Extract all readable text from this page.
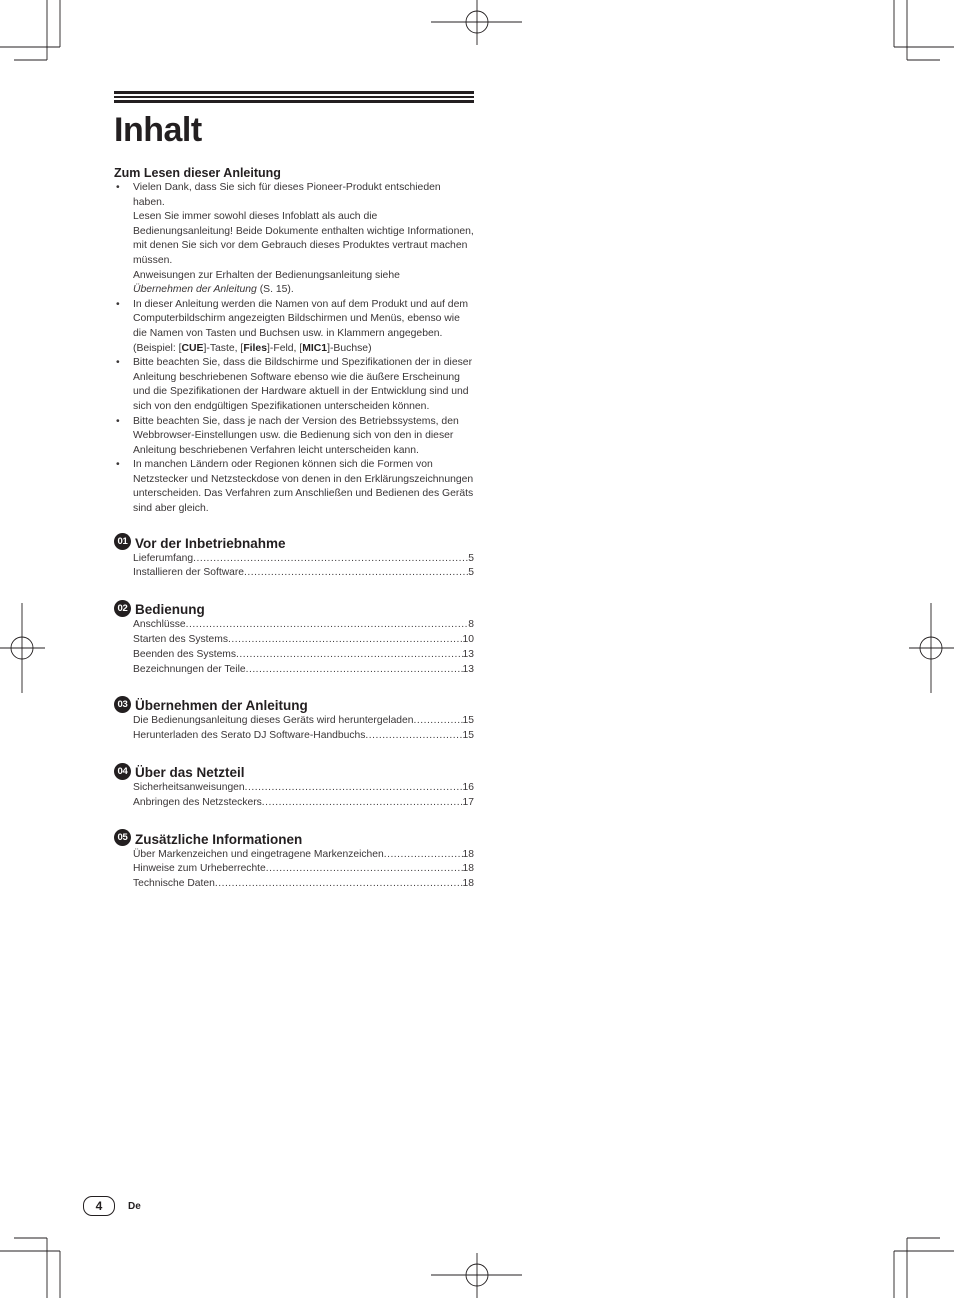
Inhalt
Zum Lesen dieser Anleitung

• Vielen Dank, dass Sie sich für dieses Pioneer-Produkt entschieden haben.

Lesen Sie immer sowohl dieses Infoblatt als auch die Bedienungsanleitung! Beide Dokumente enthalten wichtige Informationen, mit denen Sie sich vor dem Gebrauch dieses Produktes vertraut machen müssen.

Anweisungen zur Erhalten der Bedienungsanleitung siehe
Übernehmen der Anleitung (S. 15).

• In dieser Anleitung werden die Namen von auf dem Produkt und auf dem Computerbildschirm angezeigten Bildschirmen und Menüs, ebenso wie die Namen von Tasten und Buchsen usw. in Klammern angegeben. (Beispiel: [CUE]-Taste, [Files]-Feld, [MIC1]-Buchse)
• Bitte beachten Sie, dass die Bildschirme und Spezifikationen der in dieser Anleitung beschriebenen Software ebenso wie die äußere Erscheinung und die Spezifikationen der Hardware aktuell in der Entwicklung sind und sich von den endgültigen Spezifikationen unterscheiden können.
• Bitte beachten Sie, dass je nach der Version des Betriebssystems, den Webbrowser-Einstellungen usw. die Bedienung sich von den in dieser Anleitung beschriebenen Verfahren leicht unterscheiden kann.
• In manchen Ländern oder Regionen können sich die Formen von Netzstecker und Netzsteckdose von denen in den Erklärungszeichnungen unterscheiden. Das Verfahren zum Anschließen und Bedienen des Geräts sind aber gleich.
01 Vor der Inbetriebnahme
Lieferumfang .....	5
Installieren der Software .....	5
02 Bedienung
Anschlüsse .....	8
Starten des Systems .....	10
Beenden des Systems .....	13
Bezeichnungen der Teile .....	13
03 Übernehmen der Anleitung
Die Bedienungsanleitung dieses Geräts wird heruntergeladen .....	15
Herunterladen des Serato DJ Software-Handbuchs .....	15
04 Über das Netzteil
Sicherheitsanweisungen .....	16
Anbringen des Netzsteckers .....	17
05 Zusätzliche Informationen
Über Markenzeichen und eingetragene Markenzeichen .....	18
Hinweise zum Urheberrechte .....	18
Technische Daten .....	18
4	De
